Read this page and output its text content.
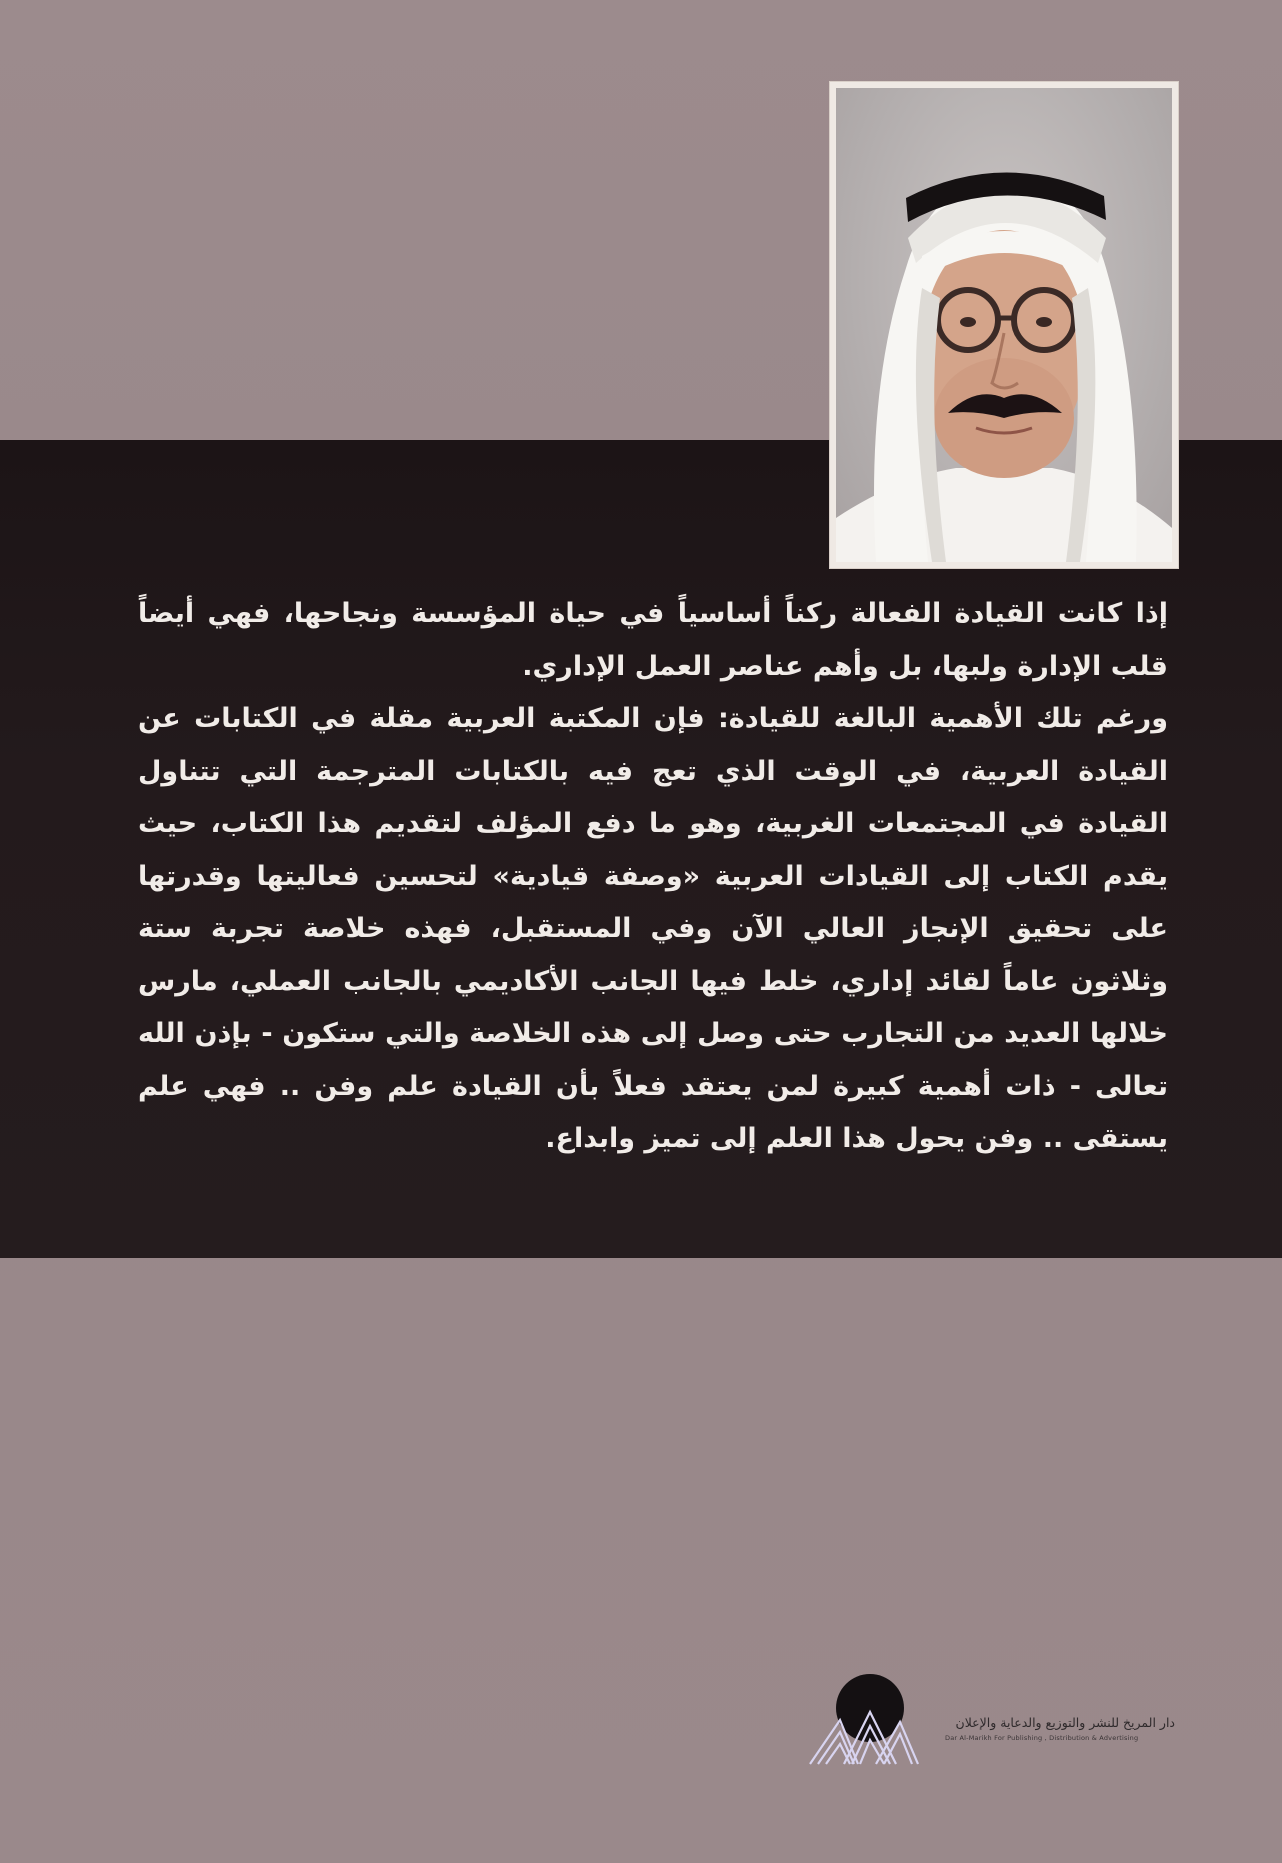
إذا كانت القيادة الفعالة ركناً أساسياً في حياة المؤسسة ونجاحها، فهي أيضاً قلب الإدارة ولبها، بل وأهم عناصر العمل الإداري.

ورغم تلك الأهمية البالغة للقيادة: فإن المكتبة العربية مقلة في الكتابات عن القيادة العربية، في الوقت الذي تعج فيه بالكتابات المترجمة التي تتناول القيادة في المجتمعات الغربية، وهو ما دفع المؤلف لتقديم هذا الكتاب، حيث يقدم الكتاب إلى القيادات العربية «وصفة قيادية» لتحسين فعاليتها وقدرتها على تحقيق الإنجاز العالي الآن وفي المستقبل، فهذه خلاصة تجربة ستة وثلاثون عاماً لقائد إداري، خلط فيها الجانب الأكاديمي بالجانب العملي، مارس خلالها العديد من التجارب حتى وصل إلى هذه الخلاصة والتي ستكون - بإذن الله تعالى - ذات أهمية كبيرة لمن يعتقد فعلاً بأن القيادة علم وفن .. فهي علم يستقى .. وفن يحول هذا العلم إلى تميز وابداع.

دار المريخ للنشر والتوزيع والدعاية والإعلان
Dar Al-Marikh For Publishing , Distribution & Advertising
